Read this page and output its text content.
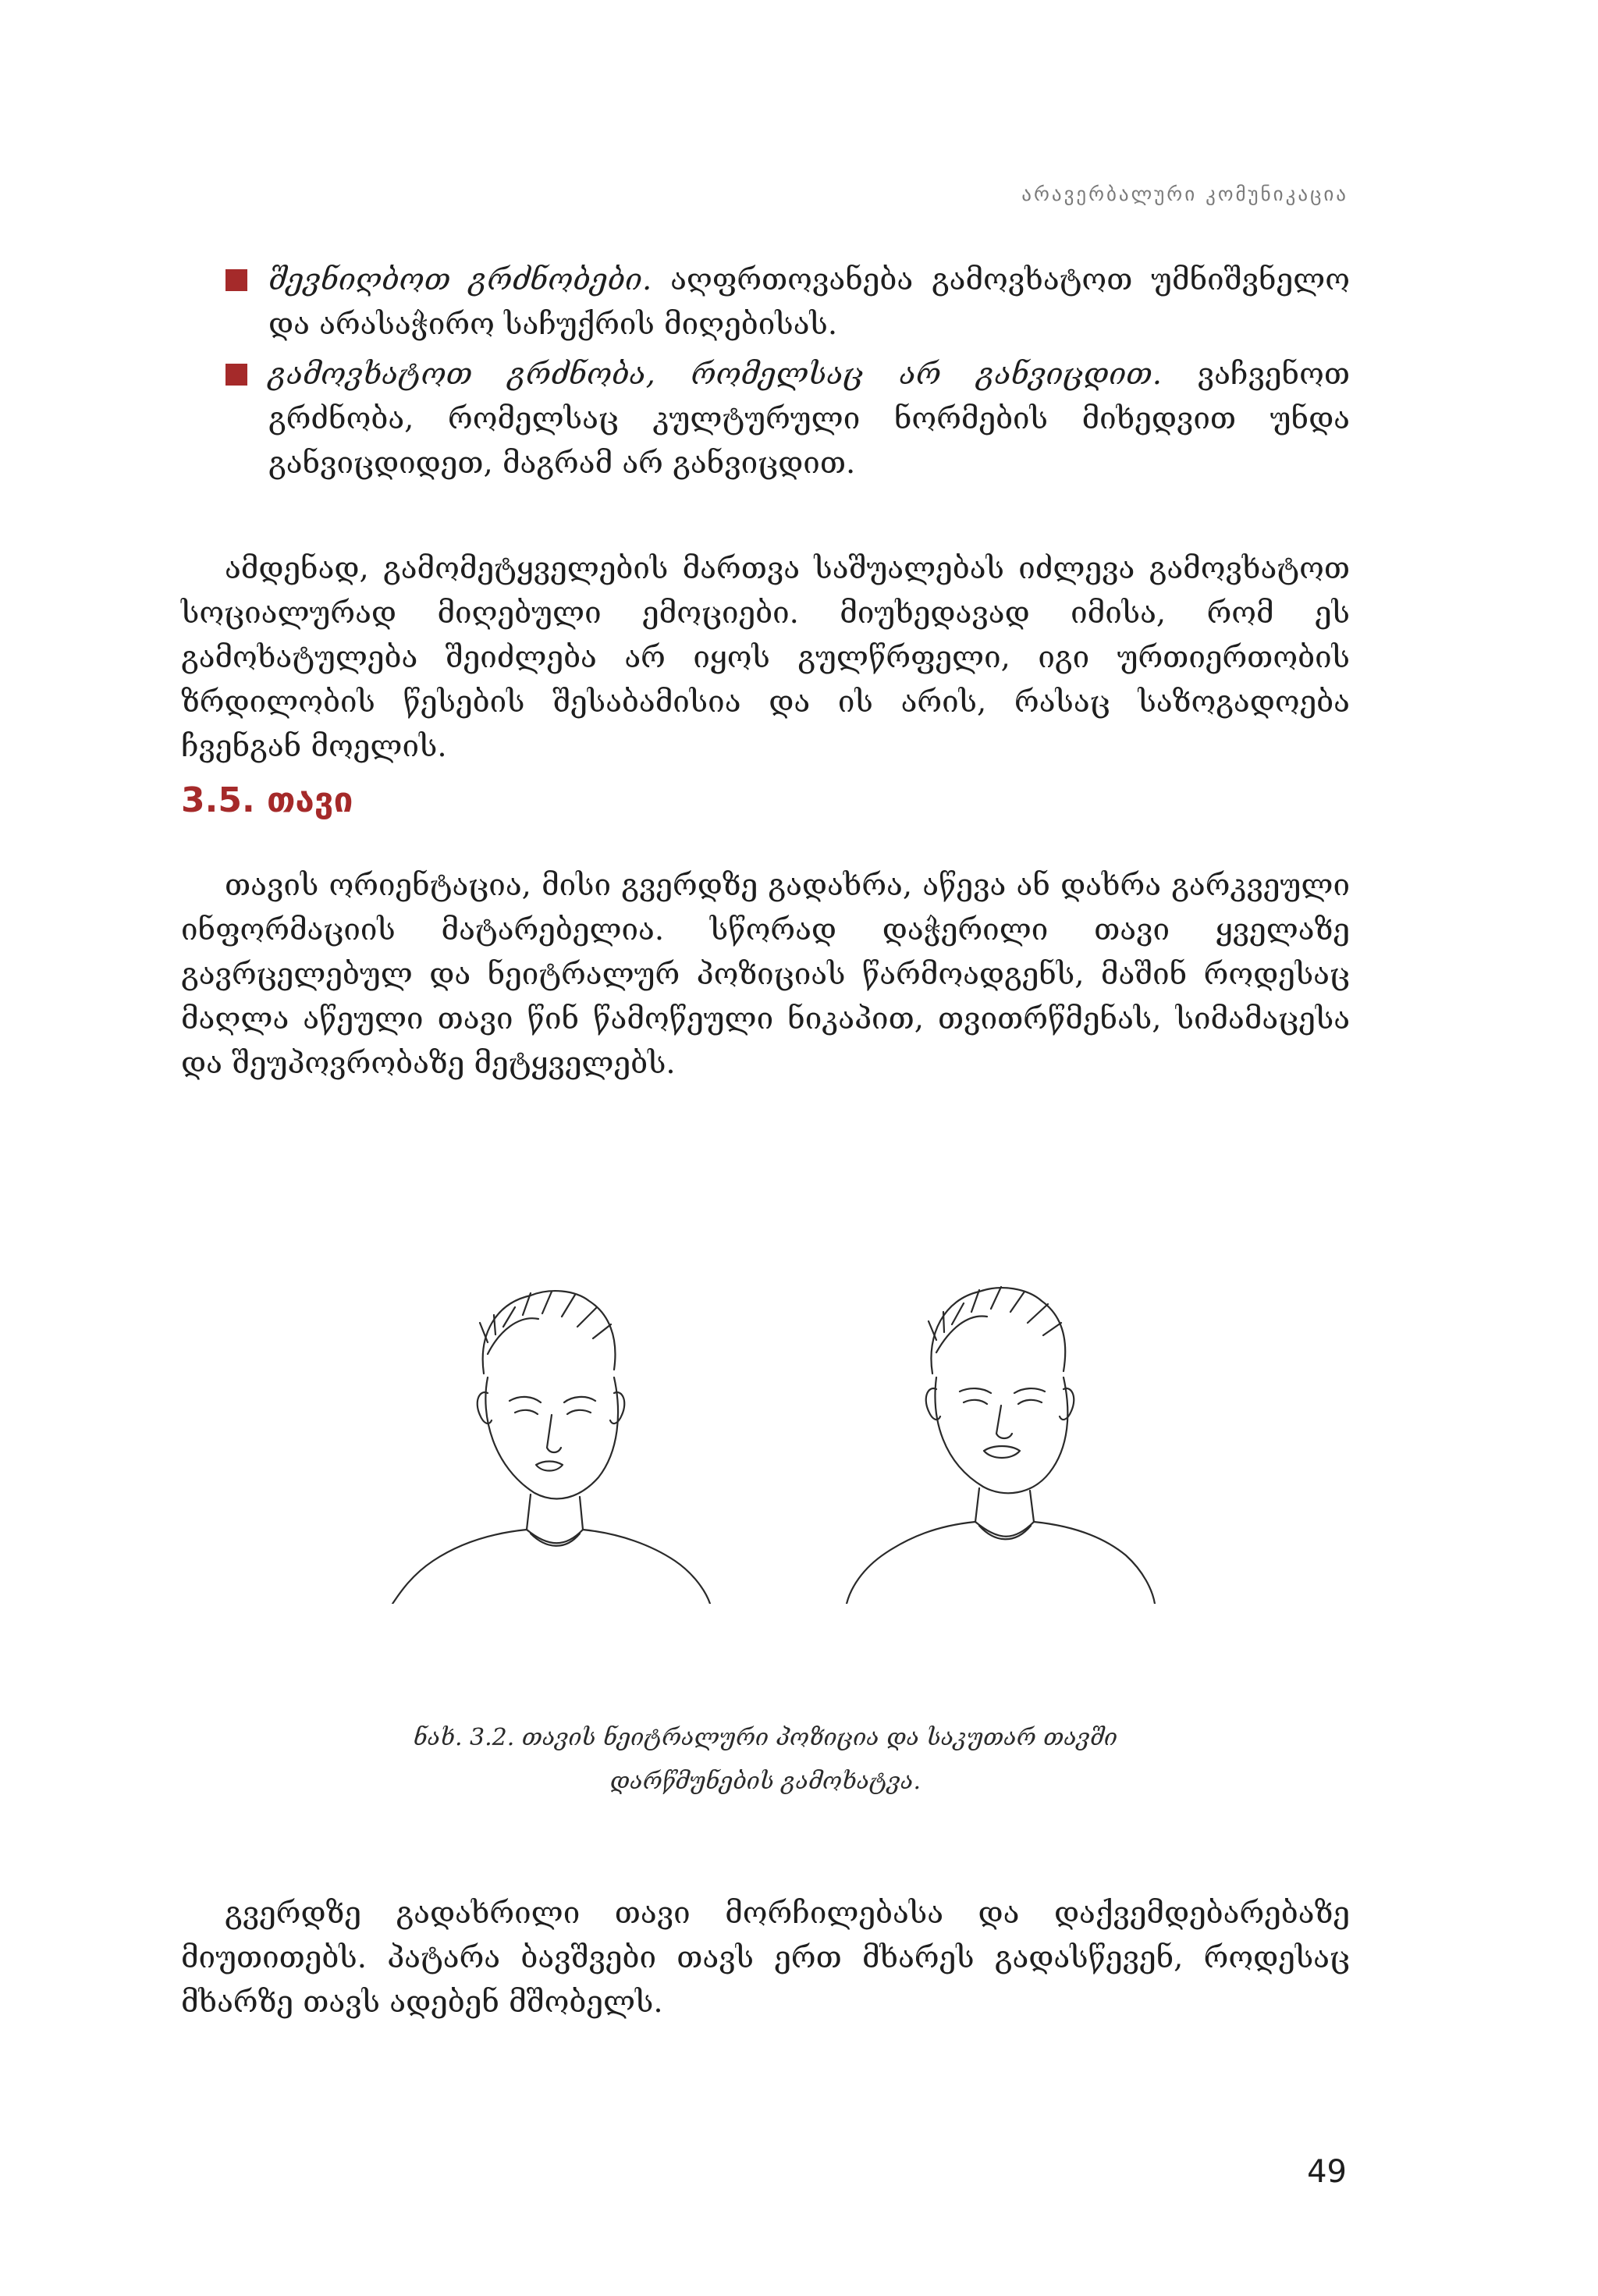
არავერბალური კომუნიკაცია

შევნიღბოთ გრძნობები. აღფრთოვანება გამოვხატოთ უმნიშვნელო და არასაჭირო საჩუქრის მიღებისას.

გამოვხატოთ გრძნობა, რომელსაც არ განვიცდით. ვაჩვენოთ გრძნობა, რომელსაც კულტურული ნორმების მიხედვით უნდა განვიცდიდეთ, მაგრამ არ განვიცდით.

ამდენად, გამომეტყველების მართვა საშუალებას იძლევა გამოვხატოთ სოციალურად მიღებული ემოციები. მიუხედავად იმისა, რომ ეს გამოხატულება შეიძლება არ იყოს გულწრფელი, იგი ურთიერთობის ზრდილობის წესების შესაბამისია და ის არის, რასაც საზოგადოება ჩვენგან მოელის.

3.5. თავი

თავის ორიენტაცია, მისი გვერდზე გადახრა, აწევა ან დახრა გარკვეული ინფორმაციის მატარებელია. სწორად დაჭერილი თავი ყველაზე გავრცელებულ და ნეიტრალურ პოზიციას წარმოადგენს, მაშინ როდესაც მაღლა აწეული თავი წინ წამოწეული ნიკაპით, თვითრწმენას, სიმამაცესა და შეუპოვრობაზე მეტყველებს.

ნახ. 3.2. თავის ნეიტრალური პოზიცია და საკუთარ თავში
დარწმუნების გამოხატვა.

გვერდზე გადახრილი თავი მორჩილებასა და დაქვემდებარებაზე მიუთითებს. პატარა ბავშვები თავს ერთ მხარეს გადასწევენ, როდესაც მხარზე თავს ადებენ მშობელს.

49
